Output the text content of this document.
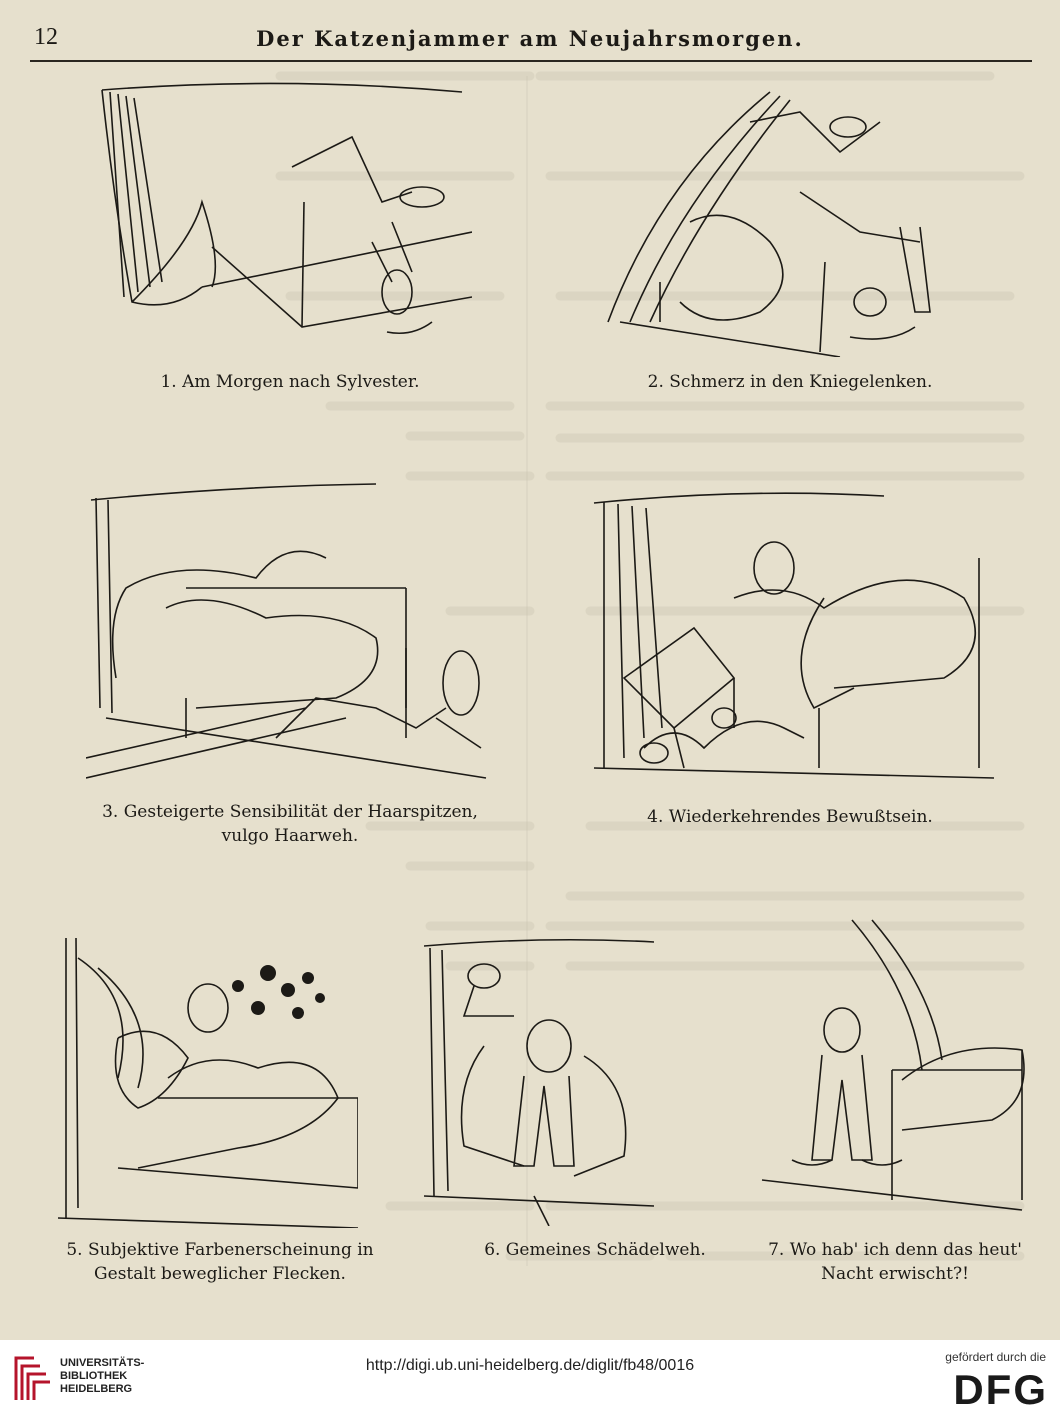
12	Der Katzenjammer am Neujahrsmorgen.
1. Am Morgen nach Sylvester.	2. Schmerz in den Kniegelenken.
3. Gesteigerte Sensibilität der Haarspitzen, vulgo Haarweh.
4. Wiederkehrendes Bewußtsein.
5. Subjektive Farbenerscheinung in Gestalt beweglicher Flecken.
6. Gemeines Schädelweh.	7. Wo hab' ich denn das heut' Nacht erwischt?!
UNIVERSITÄTS-
BIBLIOTHEK
HEIDELBERG
http://digi.ub.uni-heidelberg.de/diglit/fb48/0016	gefördert durch die
DFG
